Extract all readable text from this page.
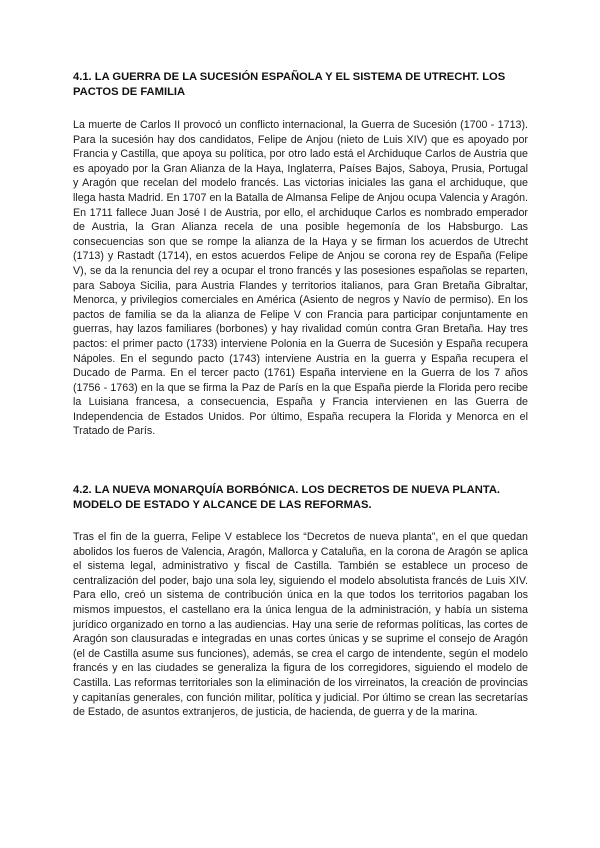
4.1. LA GUERRA DE LA SUCESIÓN ESPAÑOLA Y EL SISTEMA DE UTRECHT. LOS PACTOS DE FAMILIA

La muerte de Carlos II provocó un conflicto internacional, la Guerra de Sucesión (1700 - 1713). Para la sucesión hay dos candidatos, Felipe de Anjou (nieto de Luis XIV) que es apoyado por Francia y Castilla, que apoya su política, por otro lado está el Archiduque Carlos de Austria que es apoyado por la Gran Alianza de la Haya, Inglaterra, Países Bajos, Saboya, Prusia, Portugal y Aragón que recelan del modelo francés. Las victorias iniciales las gana el archiduque, que llega hasta Madrid. En 1707 en la Batalla de Almansa Felipe de Anjou ocupa Valencia y Aragón. En 1711 fallece Juan José I de Austria, por ello, el archiduque Carlos es nombrado emperador de Austria, la Gran Alianza recela de una posible hegemonía de los Habsburgo. Las consecuencias son que se rompe la alianza de la Haya y se firman los acuerdos de Utrecht (1713) y Rastadt (1714), en estos acuerdos Felipe de Anjou se corona rey de España (Felipe V), se da la renuncia del rey a ocupar el trono francés y las posesiones españolas se reparten, para Saboya Sicilia, para Austria Flandes y territorios italianos, para Gran Bretaña Gibraltar, Menorca, y privilegios comerciales en América (Asiento de negros y Navío de permiso). En los pactos de familia se da la alianza de Felipe V con Francia para participar conjuntamente en guerras, hay lazos familiares (borbones) y hay rivalidad común contra Gran Bretaña. Hay tres pactos: el primer pacto (1733) interviene Polonia en la Guerra de Sucesión y España recupera Nápoles. En el segundo pacto (1743) interviene Austria en la guerra y España recupera el Ducado de Parma. En el tercer pacto (1761) España interviene en la Guerra de los 7 años (1756 - 1763) en la que se firma la Paz de París en la que España pierde la Florida pero recibe la Luisiana francesa, a consecuencia, España y Francia intervienen en las Guerra de Independencia de Estados Unidos. Por último, España recupera la Florida y Menorca en el Tratado de París.

4.2. LA NUEVA MONARQUÍA BORBÓNICA. LOS DECRETOS DE NUEVA PLANTA. MODELO DE ESTADO Y ALCANCE DE LAS REFORMAS.

Tras el fin de la guerra, Felipe V establece los “Decretos de nueva planta”, en el que quedan abolidos los fueros de Valencia, Aragón, Mallorca y Cataluña, en la corona de Aragón se aplica el sistema legal, administrativo y fiscal de Castilla. También se establece un proceso de centralización del poder, bajo una sola ley, siguiendo el modelo absolutista francés de Luis XIV. Para ello, creó un sistema de contribución única en la que todos los territorios pagaban los mismos impuestos, el castellano era la única lengua de la administración, y había un sistema jurídico organizado en torno a las audiencias. Hay una serie de reformas políticas, las cortes de Aragón son clausuradas e integradas en unas cortes únicas y se suprime el consejo de Aragón (el de Castilla asume sus funciones), además, se crea el cargo de intendente, según el modelo francés y en las ciudades se generaliza la figura de los corregidores, siguiendo el modelo de Castilla. Las reformas territoriales son la eliminación de los virreinatos, la creación de provincias y capitanías generales, con función militar, política y judicial. Por último se crean las secretarías de Estado, de asuntos extranjeros, de justicia, de hacienda, de guerra y de la marina.
